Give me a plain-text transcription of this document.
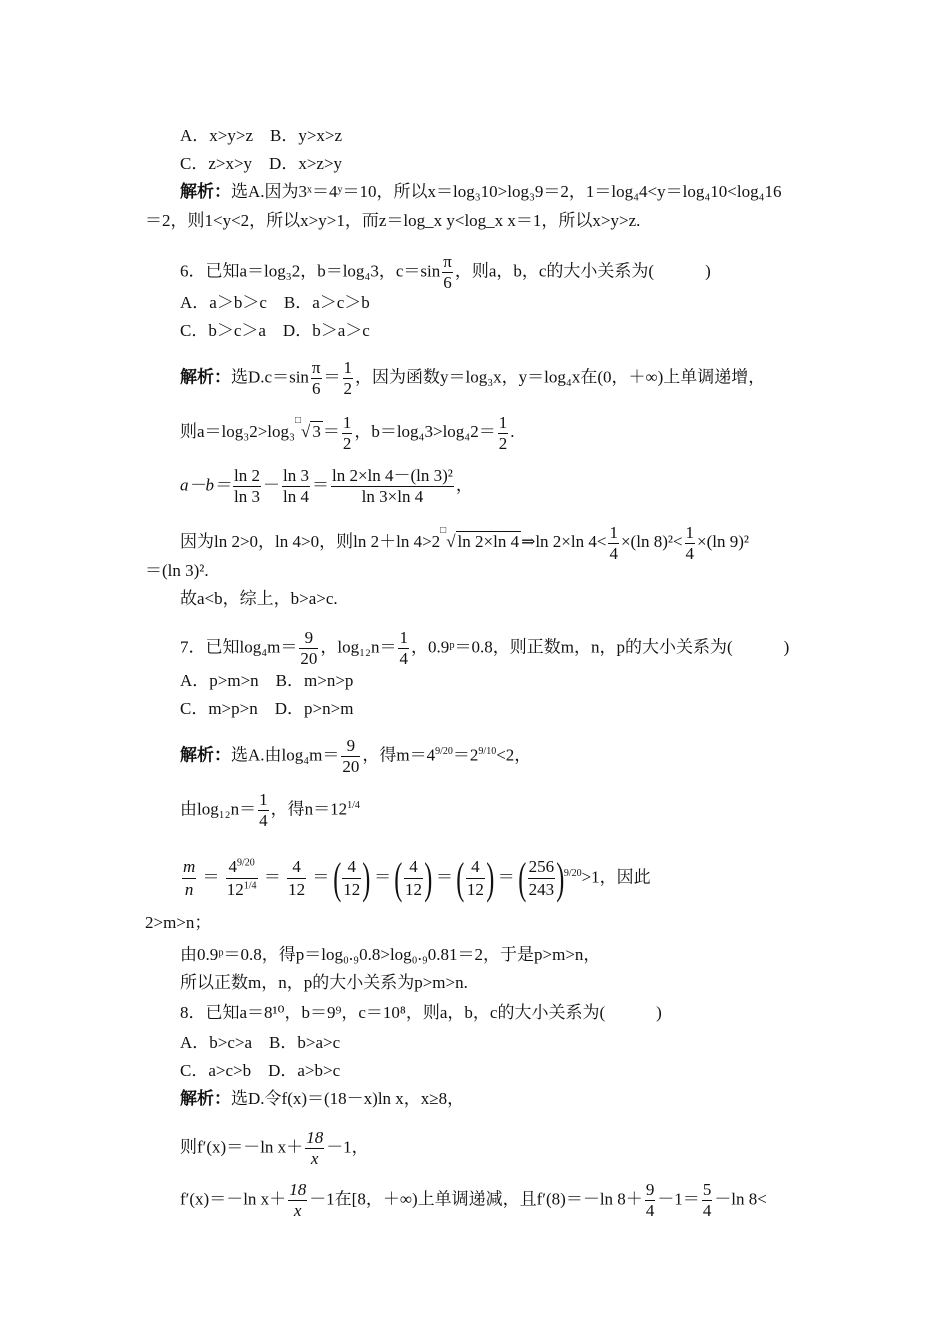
A．x>y>z　B．y>x>z
C．z>x>y　D．x>z>y
解析：选A.因为3ˣ＝4ʸ＝10，所以x＝log₃10>log₃9＝2，1＝log₄4<y＝log₄10<log₄16
＝2，则1<y<2，所以x>y>1，而z＝log_x y<log_x x＝1，所以x>y>z.
6．已知a＝log₃2，b＝log₄3，$c=\sin \frac{\pi}{6}$ ，则a，b，c的大小关系为(　　　)
A．a＞b＞c　B．a＞c＞b
C．b＞c＞a　D．b＞a＞c
解析：选$D.c=\sin \frac{\pi}{6} = \frac{1}{2}$ ，因为函数y＝log₃x，y＝log₄x在(0，＋∞)上单调递增，
则a＝log₃2>log₃□√ $3 = \frac{1}{2}$ ，$b=\log_43>\log_42= \frac{1}{2}$ .
$a-b= \frac{\ln 2}{\ln 3} - \frac{\ln 3}{\ln 4} = \frac{\text{ln 2×ln 4－(ln 3)²}}{\ln 3\times\ln 4}$ ，
因为ln 2>0，ln 4>0，则ln 2＋ln 4>2□√ ln 2×ln 4 ⇒ln 2×ln $4< \frac{1}{4} \times(\ln$ $8)^2< \frac{1}{4} \times(\ln$ 9)²
＝(ln 3)².
故a<b，综上，b>a>c.
7．已知$\log_4m= \frac{9}{20}$ ，$\log_{12}n= \frac{1}{4}$ ，0.9ᵖ＝0.8，则正数m，n，p的大小关系为(　　　)
A．p>m>n　B．m>n>p
C．m>p>n　D．p>n>m
解析：选A.由$\log_4m= \frac{9}{20}$ ，得$m=4^{9/20}=2^{9/10}<2$，
由$\log_{12}n= \frac{1}{4}$ ，得$n=12^{1/4}$
$\frac{m}{n} = \frac{4^{9/20}}{12^{1/4}} = \frac{4}{12}$ ＝ ( $\frac{4}{12}$ ) ＝ ( $\frac{4}{12}$ ) ＝ ( $\frac{4}{12}$ ) ＝ ( $\frac{256}{243} )^{9/20}>1$，因此
2>m>n；
由0.9ᵖ＝0.8，得p＝log₀.₉0.8>log₀.₉0.81＝2，于是p>m>n，
所以正数m，n，p的大小关系为p>m>n.
8．已知a＝8¹⁰，b＝9⁹，c＝10⁸，则a，b，c的大小关系为(　　　)
A．b>c>a　B．b>a>c
C．a>c>b　D．a>b>c
解析：选D.令f(x)＝(18－x)ln x，x≥8，
则f′(x)＝－ln $x+ \frac{18}{x} -1$，
f′(x)＝－ln $x+ \frac{18}{x} -1$在[8，＋∞)上单调递减，且f′(8)＝－ln $8+ \frac{9}{4} -1= \frac{5}{4} -\ln$ 8<
